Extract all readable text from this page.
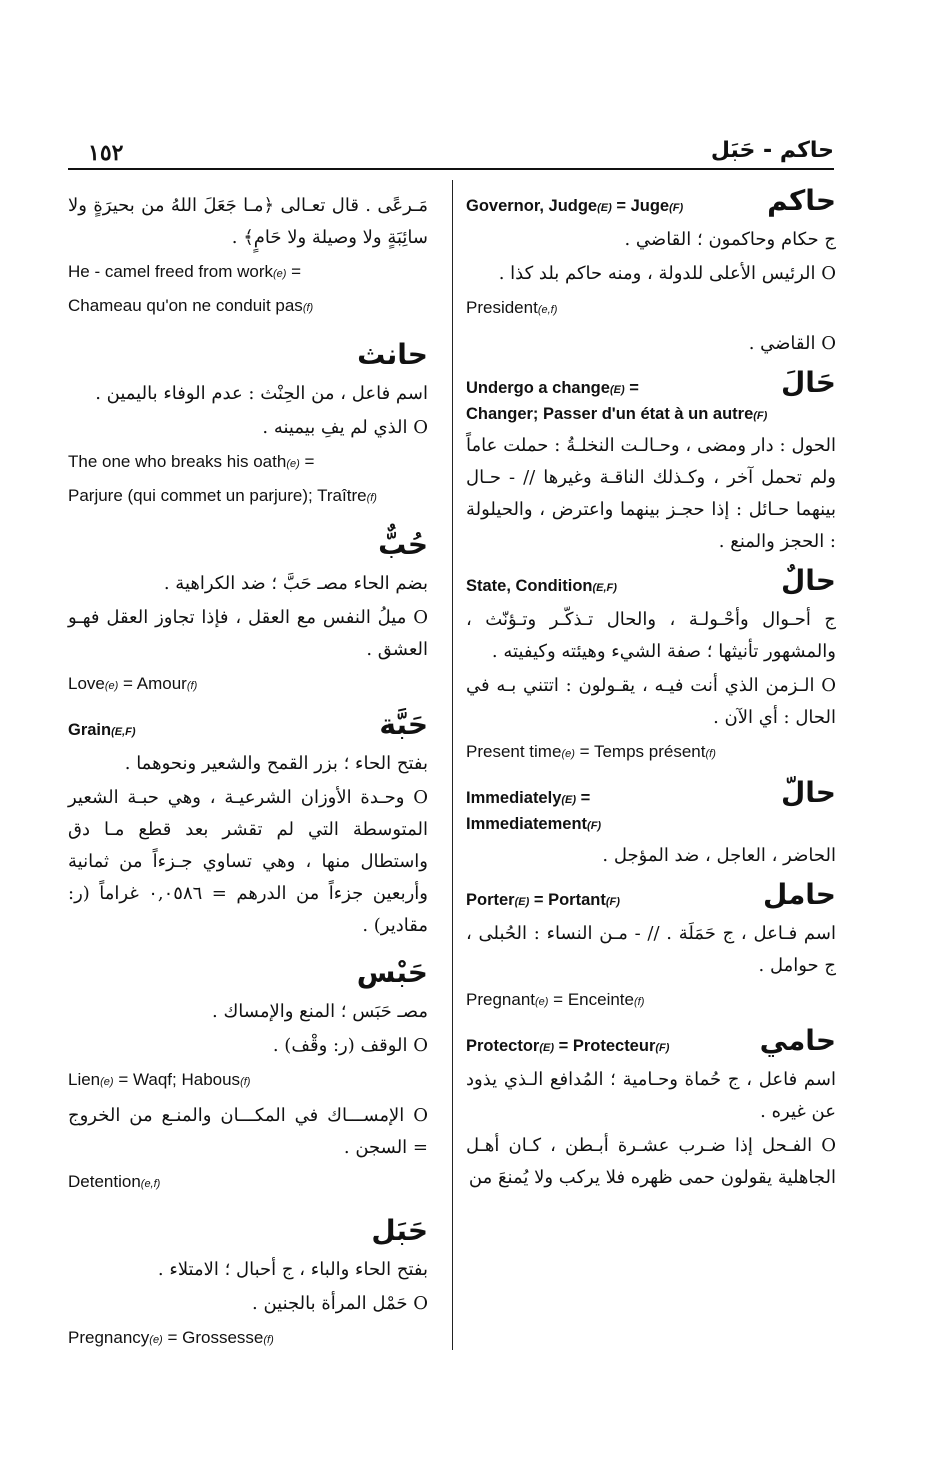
١٥٢	حاكم - حَبَل
حاكم
Governor, Judge(E) = Juge(F)
ج حكام وحاكمون ؛ القاضي .
O الرئيس الأعلى للدولة ، ومنه حاكم بلد كذا .
President(e,f)
O القاضي .
حَالَ
Undergo a change(E) =
Changer; Passer d'un état à un autre(F)
الحول : دار ومضى ، وحـالـت النخلـةُ : حملت عاماً ولم تحمل آخر ، وكـذلك الناقـة وغيرها // - حـال بينهما حـائل : إذا حجـز بينهما واعترض ، والحيلولة : الحجز والمنع .
حالٌ
State, Condition(E,F)
ج أحـوال وأحْـولـة ، والحال تـذكّـر وتـؤنّث ، والمشهور تأنيثها ؛ صفة الشيء وهيئته وكيفيته .
O الـزمن الذي أنت فيـه ، يقـولون : اتتني بـه في الحال : أي الآن .
Present time(e) = Temps présent(f)
حالّ
Immediately(E) =
Immediatement(F)
الحاضر ، العاجل ، ضد المؤجل .
حامل
Porter(E) = Portant(F)
اسم فـاعل ، ج حَمَلَة . // - مـن النساء : الحُبلى ، ج حوامل .
Pregnant(e) = Enceinte(f)
حامي
Protector(E) = Protecteur(F)
اسم فاعل ، ج حُماة وحـامية ؛ المُدافع الـذي يذود عن غيره .
O الفـحل إذا ضـرب عشـرة أبـطن ، كـان أهـل الجاهلية يقولون حمى ظهره فلا يركب ولا يُمنعَ من
مَـرعًى . قال تعـالى ﴿مـا جَعَلَ اللهُ من بحيرَةٍ ولا سائِبَةٍ ولا وصيلة ولا حَامٍ﴾ .
He - camel freed from work(e) =
Chameau qu'on ne conduit pas(f)
حانث
اسم فاعل ، من الحِنْث : عدم الوفاء باليمين .
O الذي لم يفِ بيمينه .
The one who breaks his oath(e) =
Parjure (qui commet un parjure); Traître(f)
حُبٌّ
بضم الحاء مصـ حَبَّ ؛ ضد الكراهية .
O ميلُ النفس مع العقل ، فإذا تجاوز العقل فهـو العشق .
Love(e) = Amour(f)
حَبَّة
Grain(E,F)
بفتح الحاء ؛ بزر القمح والشعير ونحوهما .
O وحـدة الأوزان الشرعيـة ، وهي حبـة الشعير المتوسطة التي لم تقشر بعد قطع مـا دق واستطال منها ، وهي تساوي جـزءاً من ثمانية وأربعين جزءاً من الدرهم = ٠,٠٥٨٦ غراماً (ر: مقادير) .
حَبْس
مصـ حَبَس ؛ المنع والإمساك .
O الوقف (ر: وقْف) .
Lien(e) = Waqf; Habous(f)
O الإمســـاك في المكـــان والمنـع من الخروج = السجن .
Detention(e,f)
حَبَل
بفتح الحاء والباء ، ج أحبال ؛ الامتلاء .
O حَمْل المرأة بالجنين .
Pregnancy(e) = Grossesse(f)
